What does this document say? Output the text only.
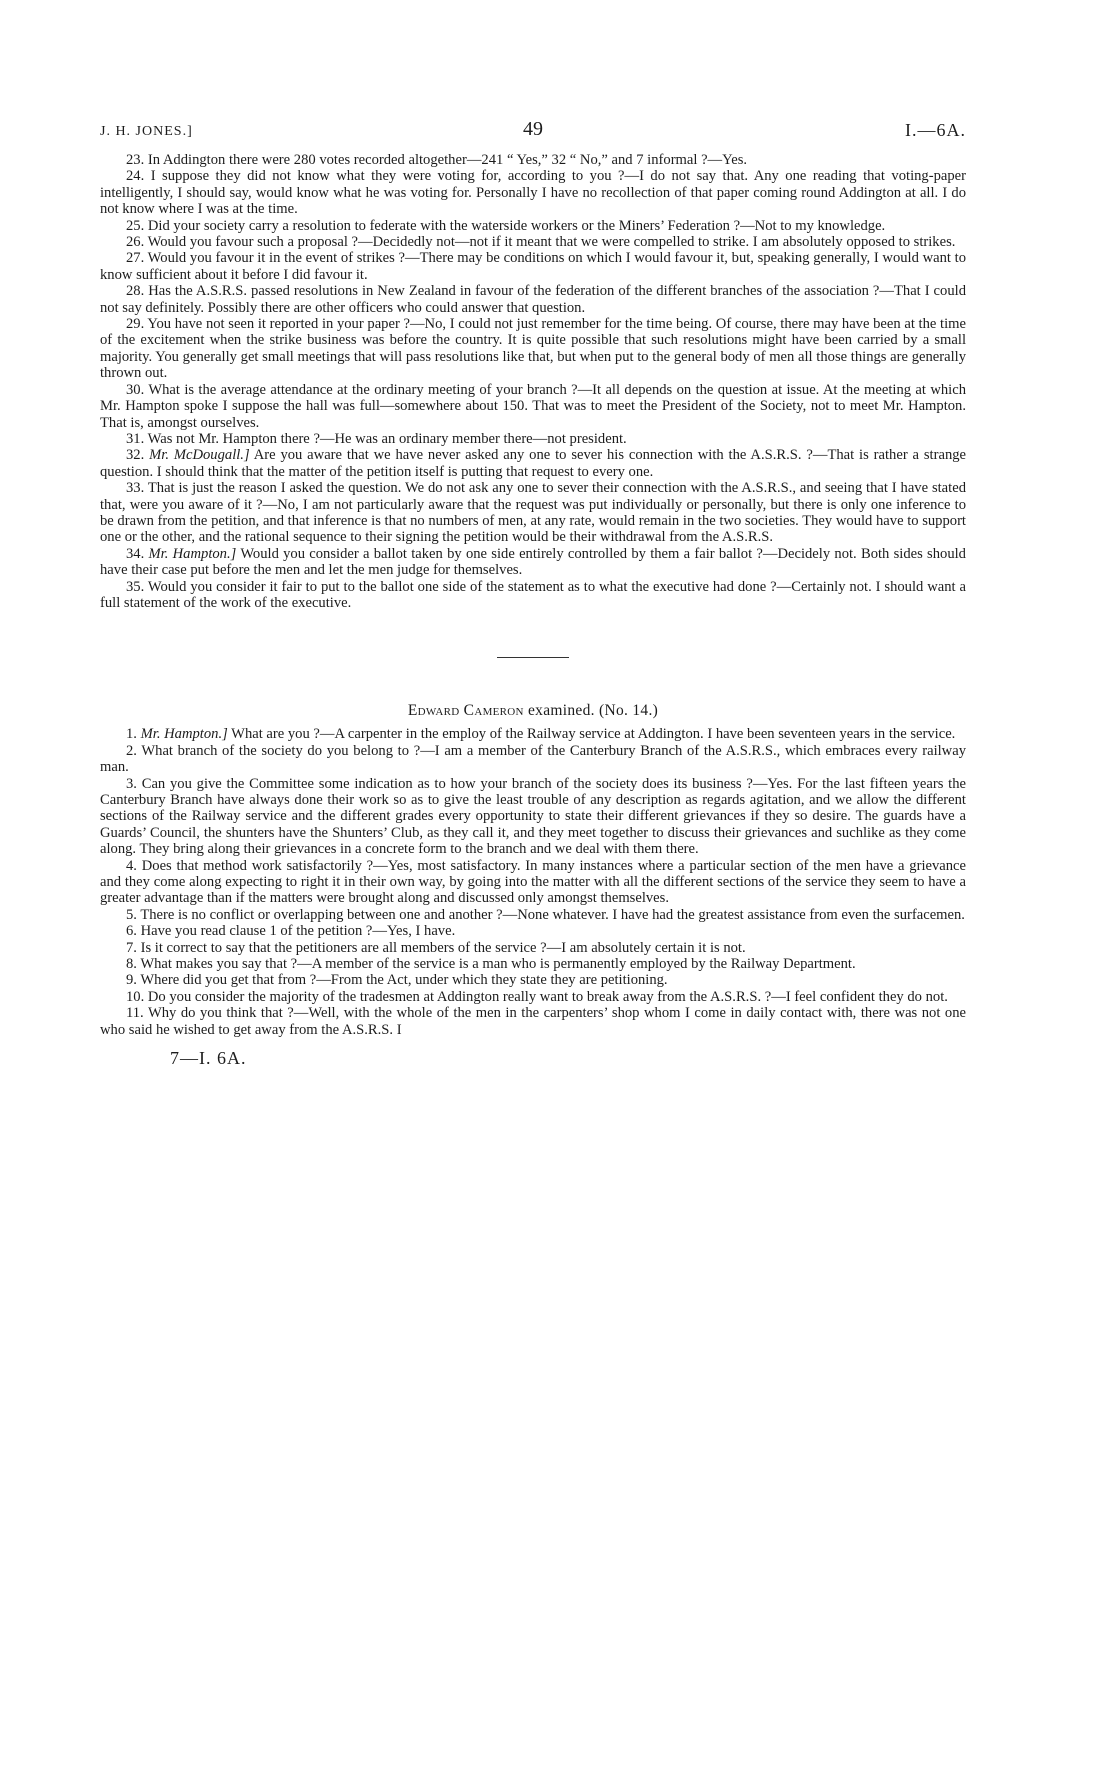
J. H. JONES.]	49	I.—6A.

23. In Addington there were 280 votes recorded altogether—241 “ Yes,” 32 “ No,” and 7 informal ?—Yes.

24. I suppose they did not know what they were voting for, according to you ?—I do not say that. Any one reading that voting-paper intelligently, I should say, would know what he was voting for. Personally I have no recollection of that paper coming round Addington at all. I do not know where I was at the time.

25. Did your society carry a resolution to federate with the waterside workers or the Miners’ Federation ?—Not to my knowledge.

26. Would you favour such a proposal ?—Decidedly not—not if it meant that we were compelled to strike. I am absolutely opposed to strikes.

27. Would you favour it in the event of strikes ?—There may be conditions on which I would favour it, but, speaking generally, I would want to know sufficient about it before I did favour it.

28. Has the A.S.R.S. passed resolutions in New Zealand in favour of the federation of the different branches of the association ?—That I could not say definitely. Possibly there are other officers who could answer that question.

29. You have not seen it reported in your paper ?—No, I could not just remember for the time being. Of course, there may have been at the time of the excitement when the strike business was before the country. It is quite possible that such resolutions might have been carried by a small majority. You generally get small meetings that will pass resolutions like that, but when put to the general body of men all those things are generally thrown out.

30. What is the average attendance at the ordinary meeting of your branch ?—It all depends on the question at issue. At the meeting at which Mr. Hampton spoke I suppose the hall was full—somewhere about 150. That was to meet the President of the Society, not to meet Mr. Hampton. That is, amongst ourselves.

31. Was not Mr. Hampton there ?—He was an ordinary member there—not president.

32. Mr. McDougall.] Are you aware that we have never asked any one to sever his connection with the A.S.R.S. ?—That is rather a strange question. I should think that the matter of the petition itself is putting that request to every one.

33. That is just the reason I asked the question. We do not ask any one to sever their connection with the A.S.R.S., and seeing that I have stated that, were you aware of it ?—No, I am not particularly aware that the request was put individually or personally, but there is only one inference to be drawn from the petition, and that inference is that no numbers of men, at any rate, would remain in the two societies. They would have to support one or the other, and the rational sequence to their signing the petition would be their withdrawal from the A.S.R.S.

34. Mr. Hampton.] Would you consider a ballot taken by one side entirely controlled by them a fair ballot ?—Decidely not. Both sides should have their case put before the men and let the men judge for themselves.

35. Would you consider it fair to put to the ballot one side of the statement as to what the executive had done ?—Certainly not. I should want a full statement of the work of the executive.

Edward Cameron examined. (No. 14.)

1. Mr. Hampton.] What are you ?—A carpenter in the employ of the Railway service at Addington. I have been seventeen years in the service.

2. What branch of the society do you belong to ?—I am a member of the Canterbury Branch of the A.S.R.S., which embraces every railway man.

3. Can you give the Committee some indication as to how your branch of the society does its business ?—Yes. For the last fifteen years the Canterbury Branch have always done their work so as to give the least trouble of any description as regards agitation, and we allow the different sections of the Railway service and the different grades every opportunity to state their different grievances if they so desire. The guards have a Guards’ Council, the shunters have the Shunters’ Club, as they call it, and they meet together to discuss their grievances and suchlike as they come along. They bring along their grievances in a concrete form to the branch and we deal with them there.

4. Does that method work satisfactorily ?—Yes, most satisfactory. In many instances where a particular section of the men have a grievance and they come along expecting to right it in their own way, by going into the matter with all the different sections of the service they seem to have a greater advantage than if the matters were brought along and discussed only amongst themselves.

5. There is no conflict or overlapping between one and another ?—None whatever. I have had the greatest assistance from even the surfacemen.

6. Have you read clause 1 of the petition ?—Yes, I have.

7. Is it correct to say that the petitioners are all members of the service ?—I am absolutely certain it is not.

8. What makes you say that ?—A member of the service is a man who is permanently employed by the Railway Department.

9. Where did you get that from ?—From the Act, under which they state they are petitioning.

10. Do you consider the majority of the tradesmen at Addington really want to break away from the A.S.R.S. ?—I feel confident they do not.

11. Why do you think that ?—Well, with the whole of the men in the carpenters’ shop whom I come in daily contact with, there was not one who said he wished to get away from the A.S.R.S. I

7—I. 6A.
